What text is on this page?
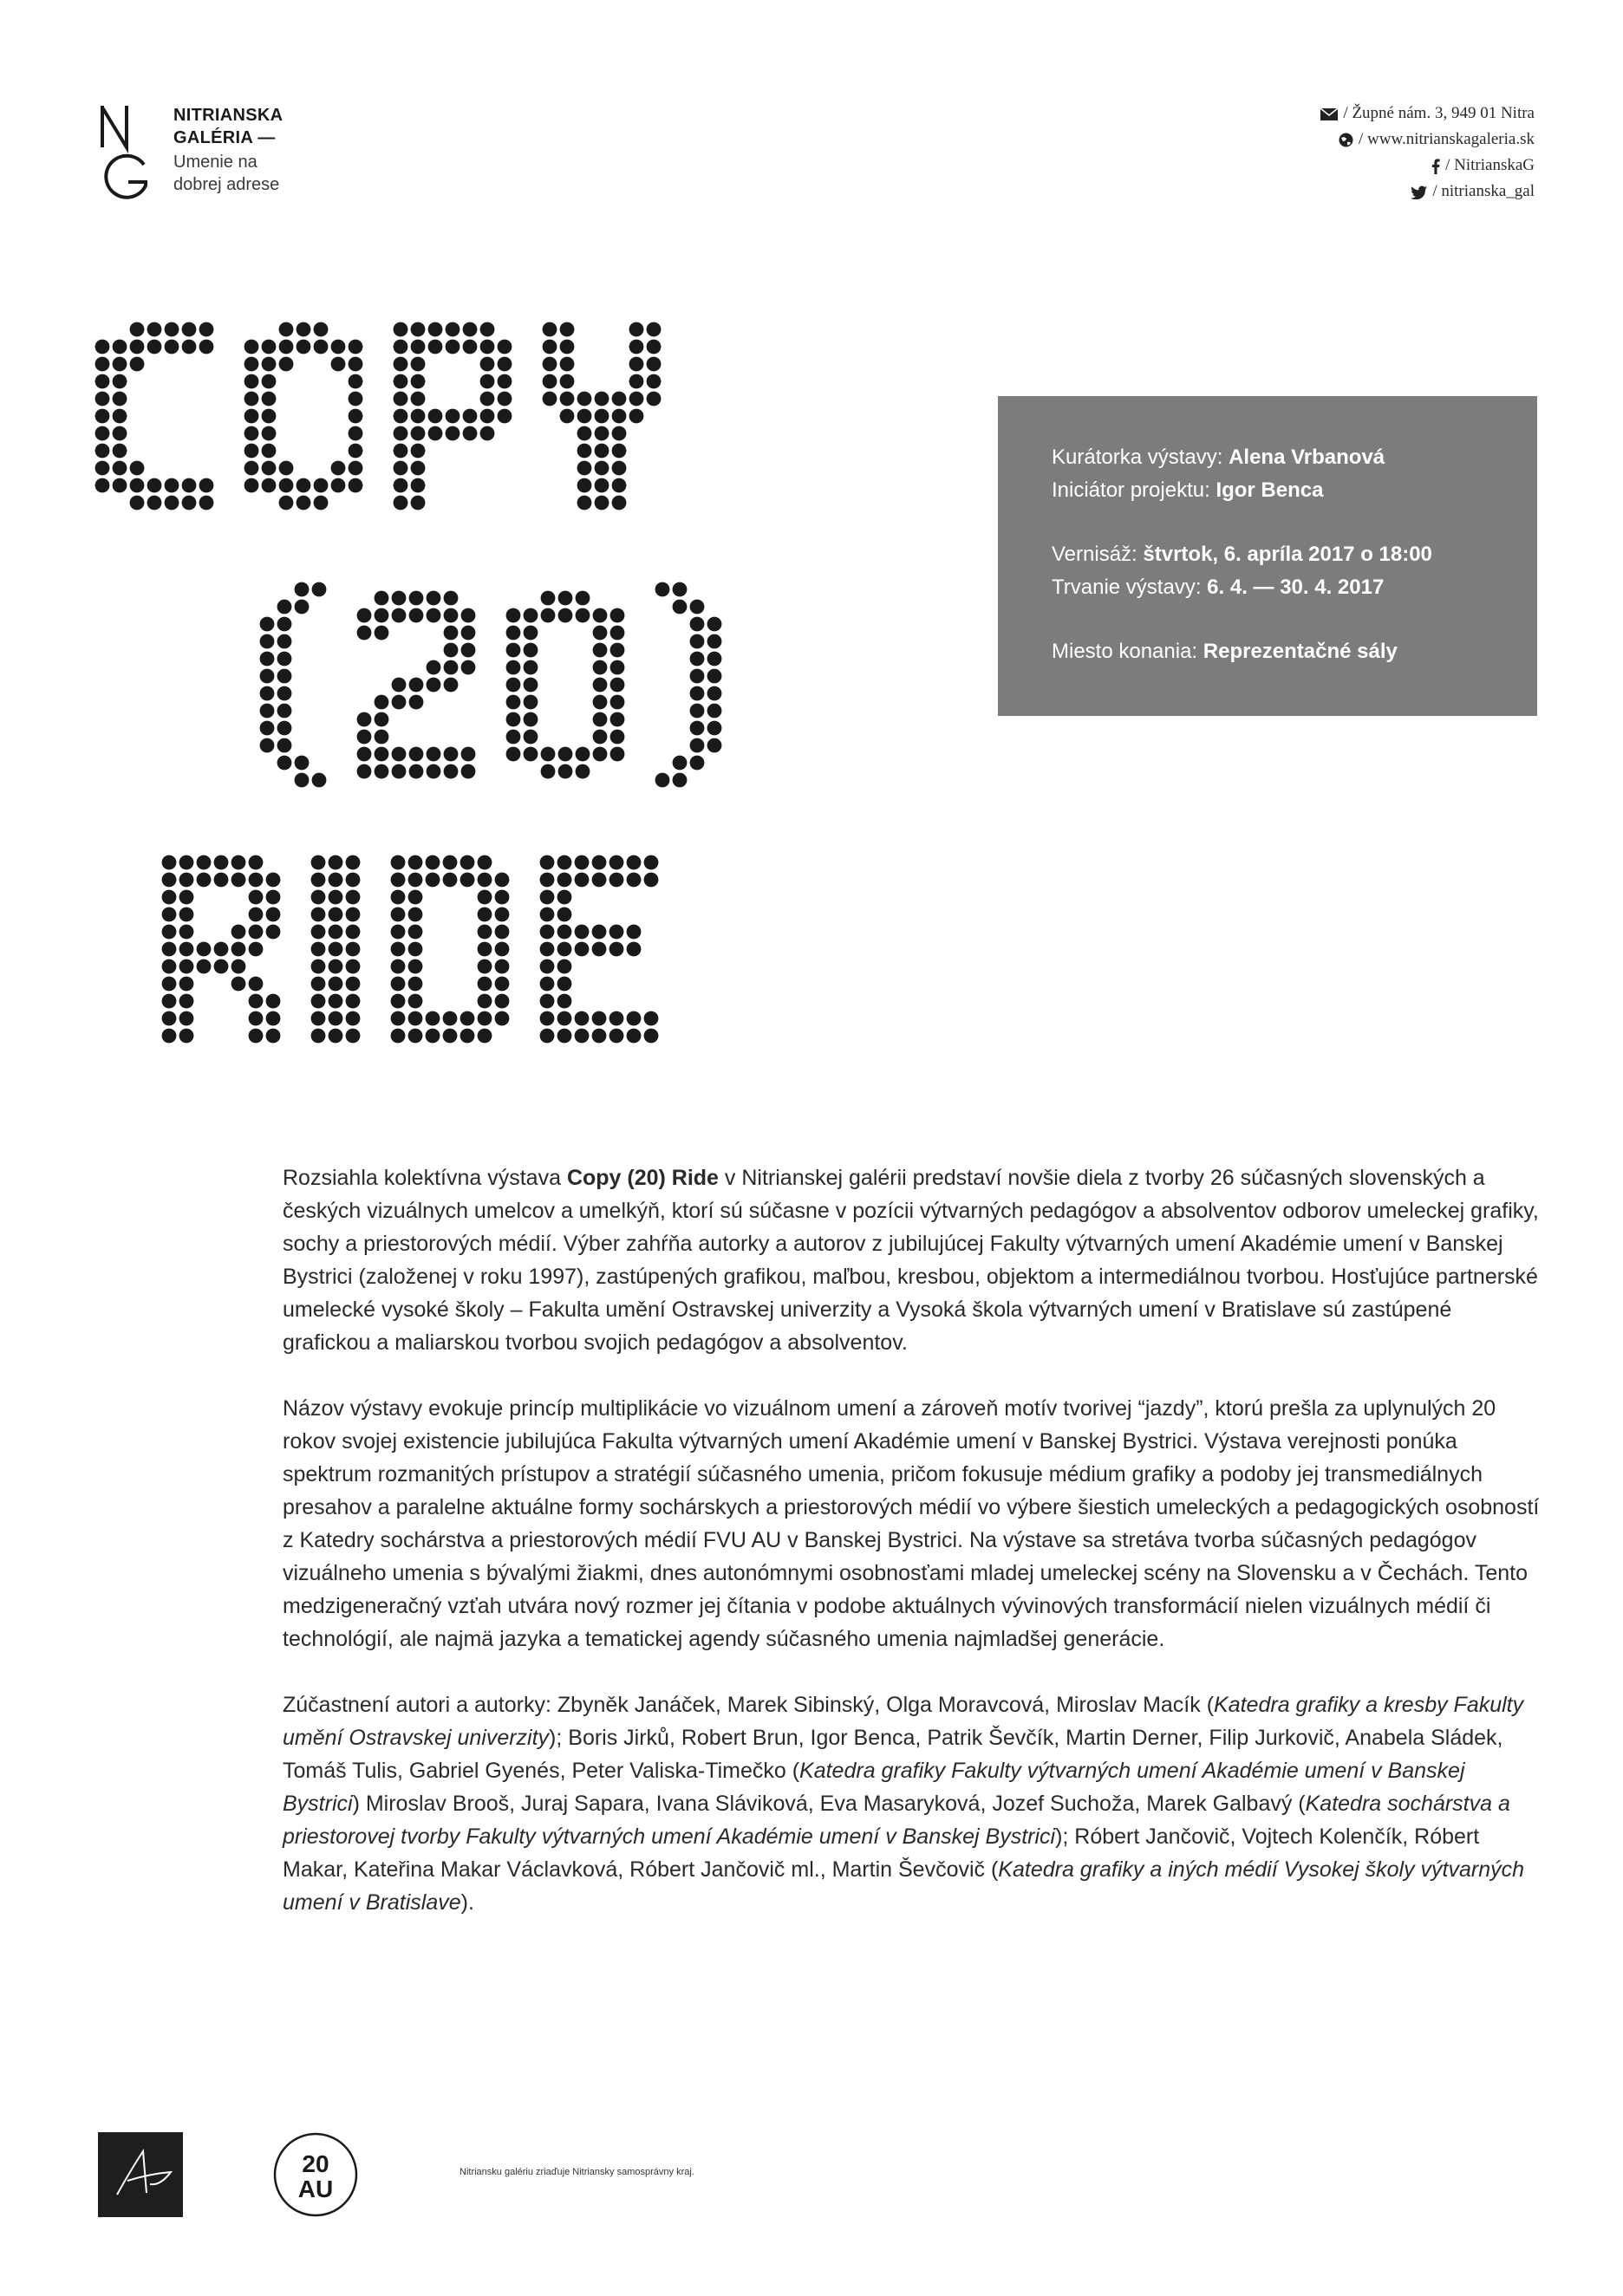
NITRIANSKA
GALÉRIA —
Umenie na
dobrej adrese
/ Župné nám. 3, 949 01 Nitra
/ www.nitrianskagaleria.sk
/ NitrianskaG
/ nitrianska_gal
Kurátorka výstavy: Alena Vrbanová
Iniciátor projektu: Igor Benca
Vernisáž: štvrtok, 6. apríla 2017 o 18:00
Trvanie výstavy: 6. 4. — 30. 4. 2017
Miesto konania: Reprezentačné sály

Rozsiahla kolektívna výstava Copy (20) Ride v Nitrianskej galérii predstaví novšie diela z tvorby 26 súčasných slovenských a českých vizuálnych umelcov a umelkýň, ktorí sú súčasne v pozícii výtvarných pedagógov a absolventov odborov umeleckej grafiky, sochy a priestorových médií. Výber zahŕňa autorky a autorov z jubilujúcej Fakulty výtvarných umení Akadémie umení v Banskej Bystrici (založenej v roku 1997), zastúpených grafikou, maľbou, kresbou, objektom a intermediálnou tvorbou. Hosťujúce partnerské umelecké vysoké školy – Fakulta umění Ostravskej univerzity a Vysoká škola výtvarných umení v Bratislave sú zastúpené grafickou a maliarskou tvorbou svojich pedagógov a absolventov.

Názov výstavy evokuje princíp multiplikácie vo vizuálnom umení a zároveň motív tvorivej “jazdy”, ktorú prešla za uplynulých 20 rokov svojej existencie jubilujúca Fakulta výtvarných umení Akadémie umení v Banskej Bystrici. Výstava verejnosti ponúka spektrum rozmanitých prístupov a stratégií súčasného umenia, pričom fokusuje médium grafiky a podoby jej transmediálnych presahov a paralelne aktuálne formy sochárskych a priestorových médií vo výbere šiestich umeleckých a pedagogických osobností z Katedry sochárstva a priestorových médií FVU AU v Banskej Bystrici. Na výstave sa stretáva tvorba súčasných pedagógov vizuálneho umenia s bývalými žiakmi, dnes autonómnymi osobnosťami mladej umeleckej scény na Slovensku a v Čechách. Tento medzigeneračný vzťah utvára nový rozmer jej čítania v podobe aktuálnych vývinových transformácií nielen vizuálnych médií či technológií, ale najmä jazyka a tematickej agendy súčasného umenia najmladšej generácie.

Zúčastnení autori a autorky: Zbyněk Janáček, Marek Sibinský, Olga Moravcová, Miroslav Macík (Katedra grafiky a kresby Fakulty umění Ostravskej univerzity); Boris Jirků, Robert Brun, Igor Benca, Patrik Ševčík, Martin Derner, Filip Jurkovič, Anabela Sládek, Tomáš Tulis, Gabriel Gyenés, Peter Valiska-Timečko (Katedra grafiky Fakulty výtvarných umení Akadémie umení v Banskej Bystrici) Miroslav Brooš, Juraj Sapara, Ivana Sláviková, Eva Masaryková, Jozef Suchoža, Marek Galbavý (Katedra sochárstva a priestorovej tvorby Fakulty výtvarných umení Akadémie umení v Banskej Bystrici); Róbert Jančovič, Vojtech Kolenčík, Róbert Makar, Kateřina Makar Václavková, Róbert Jančovič ml., Martin Ševčovič (Katedra grafiky a iných médií Vysokej školy výtvarných umení v Bratislave).

20
AU
Nitriansku galériu zriaďuje Nitriansky samosprávny kraj.
